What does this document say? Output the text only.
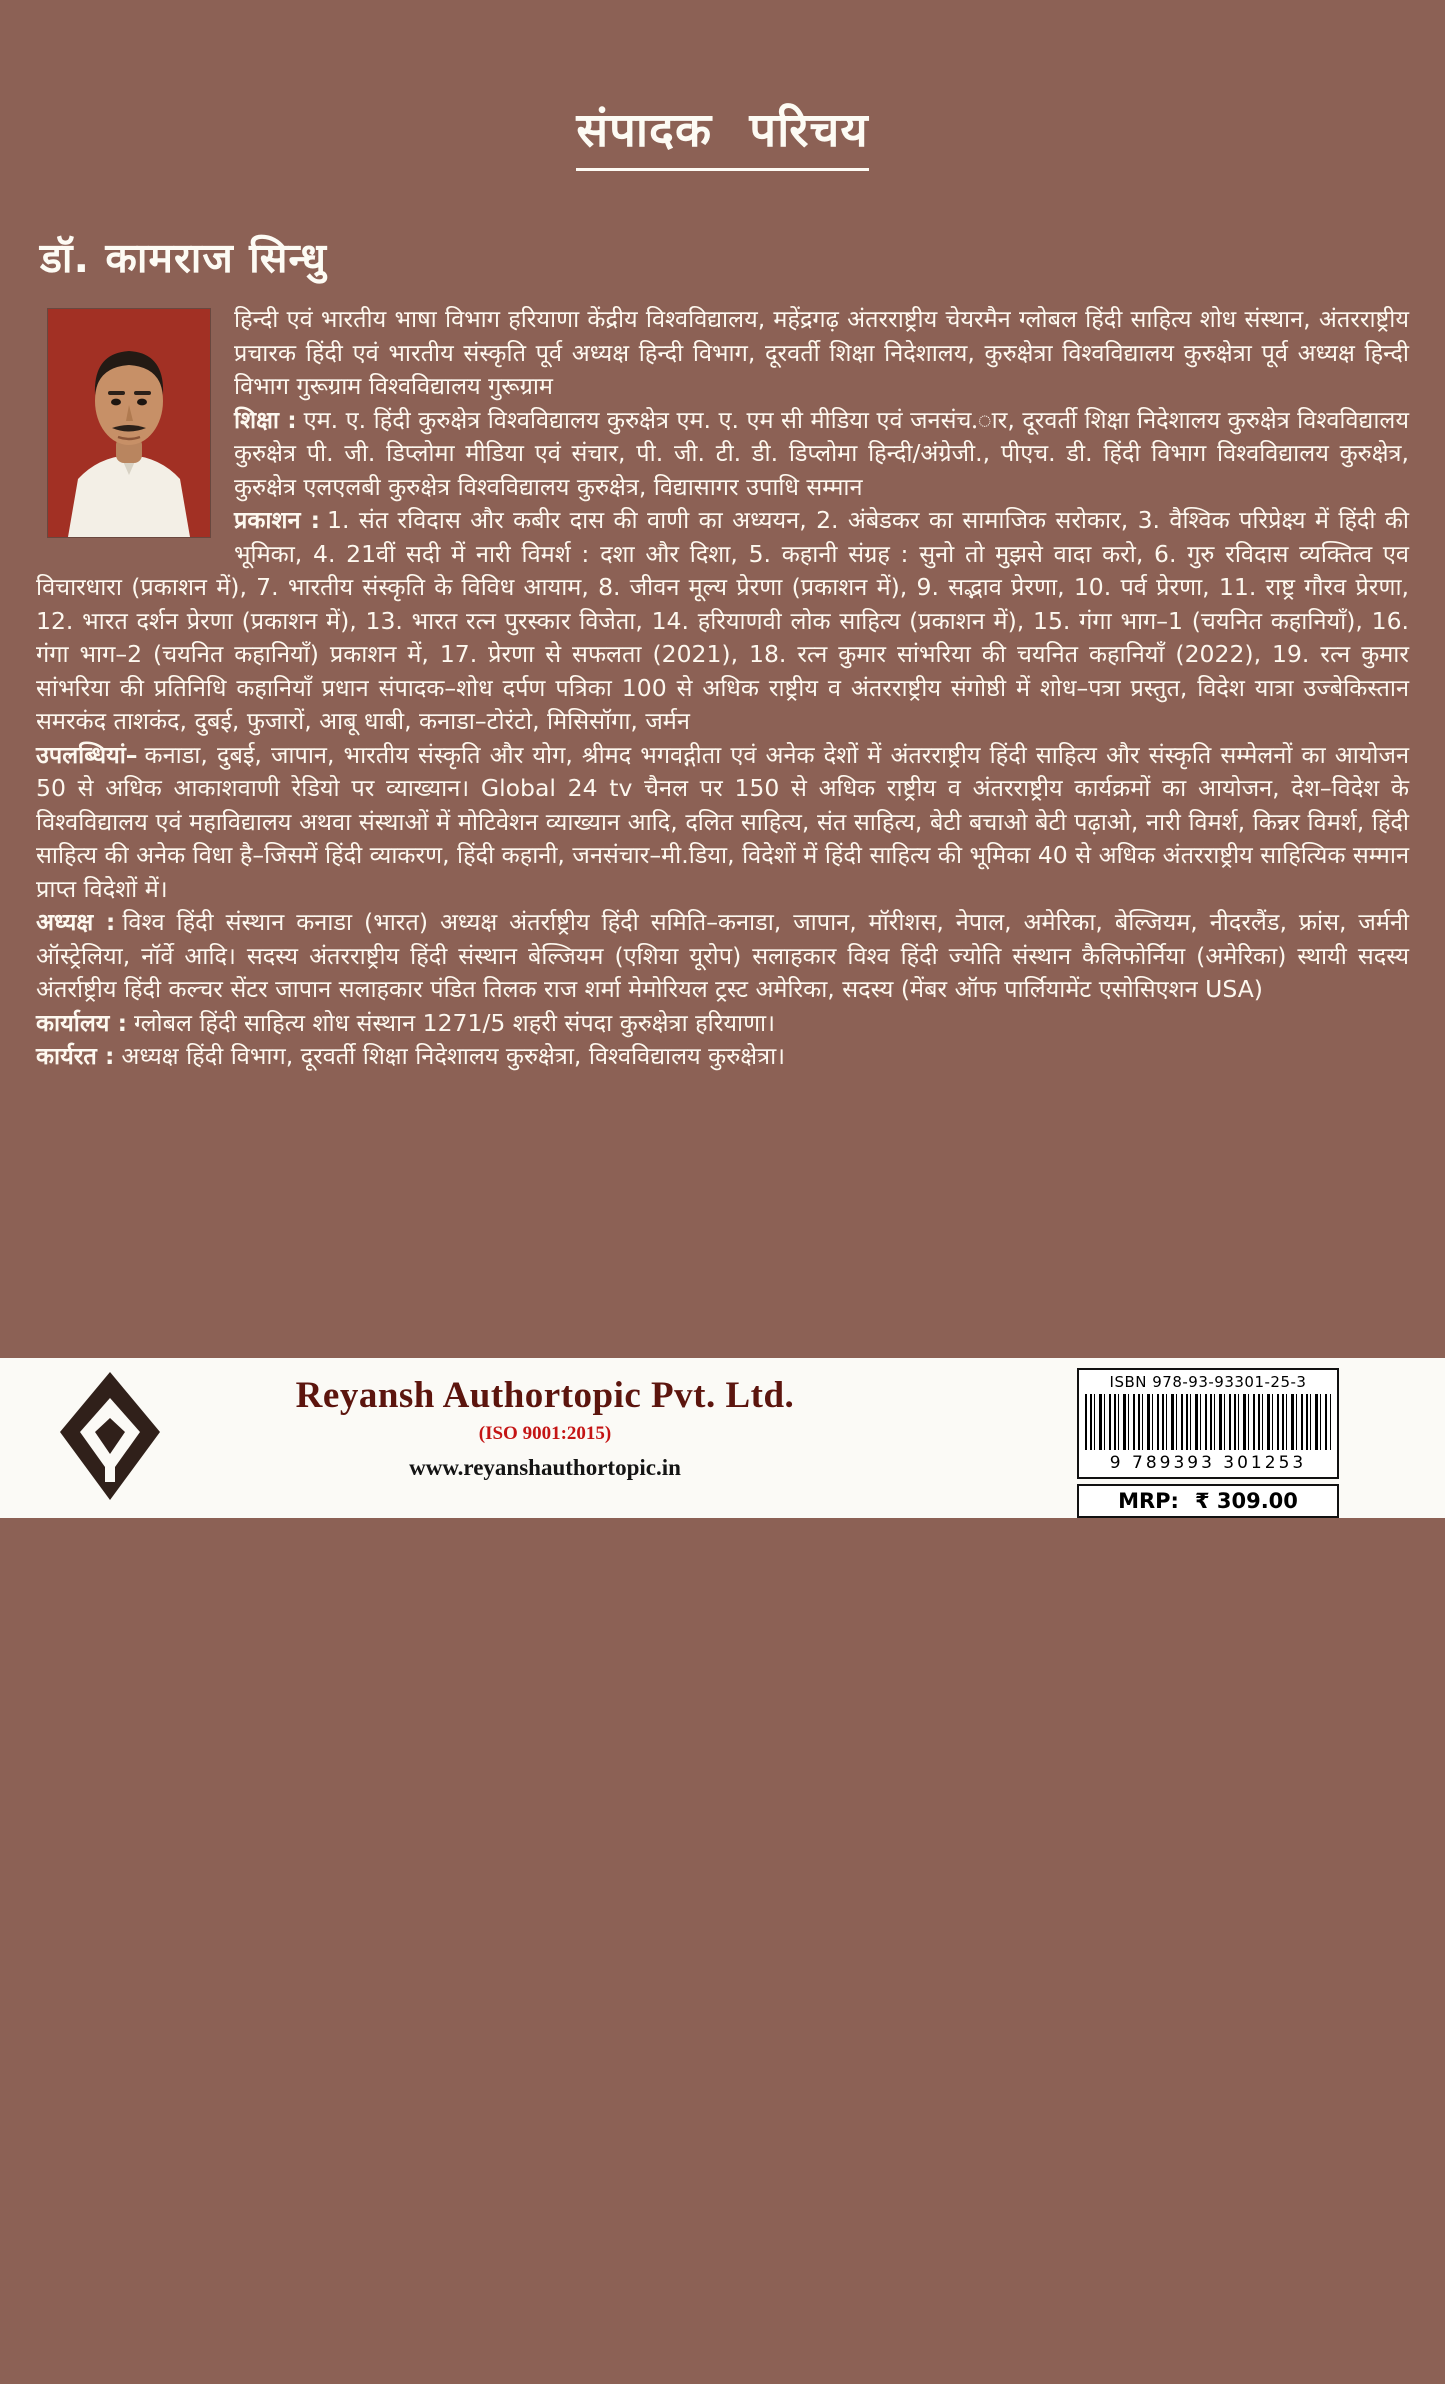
संपादक परिचय
डॉ. कामराज सिन्धु

हिन्दी एवं भारतीय भाषा विभाग हरियाणा केंद्रीय विश्वविद्यालय, महेंद्रगढ़ अंतरराष्ट्रीय चेयरमैन ग्लोबल हिंदी साहित्य शोध संस्थान, अंतरराष्ट्रीय प्रचारक हिंदी एवं भारतीय संस्कृति पूर्व अध्यक्ष हिन्दी विभाग, दूरवर्ती शिक्षा निदेशालय, कुरुक्षेत्रा विश्वविद्यालय कुरुक्षेत्रा पूर्व अध्यक्ष हिन्दी विभाग गुरूग्राम विश्वविद्यालय गुरूग्राम

शिक्षा : एम. ए. हिंदी कुरुक्षेत्र विश्वविद्यालय कुरुक्षेत्र एम. ए. एम सी मीडिया एवं जनसंच.ार, दूरवर्ती शिक्षा निदेशालय कुरुक्षेत्र विश्वविद्यालय कुरुक्षेत्र पी. जी. डिप्लोमा मीडिया एवं संचार, पी. जी. टी. डी. डिप्लोमा हिन्दी/अंग्रेजी., पीएच. डी. हिंदी विभाग विश्वविद्यालय कुरुक्षेत्र, कुरुक्षेत्र एलएलबी कुरुक्षेत्र विश्वविद्यालय कुरुक्षेत्र, विद्यासागर उपाधि सम्मान

प्रकाशन : 1. संत रविदास और कबीर दास की वाणी का अध्ययन, 2. अंबेडकर का सामाजिक सरोकार, 3. वैश्विक परिप्रेक्ष्य में हिंदी की भूमिका, 4. 21वीं सदी में नारी विमर्श : दशा और दिशा, 5. कहानी संग्रह : सुनो तो मुझसे वादा करो, 6. गुरु रविदास व्यक्तित्व एव विचारधारा (प्रकाशन में), 7. भारतीय संस्कृति के विविध आयाम, 8. जीवन मूल्य प्रेरणा (प्रकाशन में), 9. सद्भाव प्रेरणा, 10. पर्व प्रेरणा, 11. राष्ट्र गौरव प्रेरणा, 12. भारत दर्शन प्रेरणा (प्रकाशन में), 13. भारत रत्न पुरस्कार विजेता, 14. हरियाणवी लोक साहित्य (प्रकाशन में), 15. गंगा भाग–1 (चयनित कहानियाँ), 16. गंगा भाग–2 (चयनित कहानियाँ) प्रकाशन में, 17. प्रेरणा से सफलता (2021), 18. रत्न कुमार सांभरिया की चयनित कहानियाँ (2022), 19. रत्न कुमार सांभरिया की प्रतिनिधि कहानियाँ प्रधान संपादक–शोध दर्पण पत्रिका 100 से अधिक राष्ट्रीय व अंतरराष्ट्रीय संगोष्ठी में शोध–पत्रा प्रस्तुत, विदेश यात्रा उज्बेकिस्तान समरकंद ताशकंद, दुबई, फुजारों, आबू धाबी, कनाडा–टोरंटो, मिसिसॉगा, जर्मन

उपलब्धियां– कनाडा, दुबई, जापान, भारतीय संस्कृति और योग, श्रीमद भगवद्गीता एवं अनेक देशों में अंतरराष्ट्रीय हिंदी साहित्य और संस्कृति सम्मेलनों का आयोजन 50 से अधिक आकाशवाणी रेडियो पर व्याख्यान। Global 24 tv चैनल पर 150 से अधिक राष्ट्रीय व अंतरराष्ट्रीय कार्यक्रमों का आयोजन, देश–विदेश के विश्वविद्यालय एवं महाविद्यालय अथवा संस्थाओं में मोटिवेशन व्याख्यान आदि, दलित साहित्य, संत साहित्य, बेटी बचाओ बेटी पढ़ाओ, नारी विमर्श, किन्नर विमर्श, हिंदी साहित्य की अनेक विधा है–जिसमें हिंदी व्याकरण, हिंदी कहानी, जनसंचार–मी.डिया, विदेशों में हिंदी साहित्य की भूमिका 40 से अधिक अंतरराष्ट्रीय साहित्यिक सम्मान प्राप्त विदेशों में।

अध्यक्ष : विश्व हिंदी संस्थान कनाडा (भारत) अध्यक्ष अंतर्राष्ट्रीय हिंदी समिति–कनाडा, जापान, मॉरीशस, नेपाल, अमेरिका, बेल्जियम, नीदरलैंड, फ्रांस, जर्मनी ऑस्ट्रेलिया, नॉर्वे आदि। सदस्य अंतरराष्ट्रीय हिंदी संस्थान बेल्जियम (एशिया यूरोप) सलाहकार विश्व हिंदी ज्योति संस्थान कैलिफोर्निया (अमेरिका) स्थायी सदस्य अंतर्राष्ट्रीय हिंदी कल्चर सेंटर जापान सलाहकार पंडित तिलक राज शर्मा मेमोरियल ट्रस्ट अमेरिका, सदस्य (मेंबर ऑफ पार्लियामेंट एसोसिएशन USA)

कार्यालय : ग्लोबल हिंदी साहित्य शोध संस्थान 1271/5 शहरी संपदा कुरुक्षेत्रा हरियाणा।

कार्यरत : अध्यक्ष हिंदी विभाग, दूरवर्ती शिक्षा निदेशालय कुरुक्षेत्रा, विश्वविद्यालय कुरुक्षेत्रा।

Reyansh Authortopic Pvt. Ltd.
(ISO 9001:2015)
www.reyanshauthortopic.in
ISBN 978-93-93301-25-3
9 789393 301253
MRP: ₹ 309.00
